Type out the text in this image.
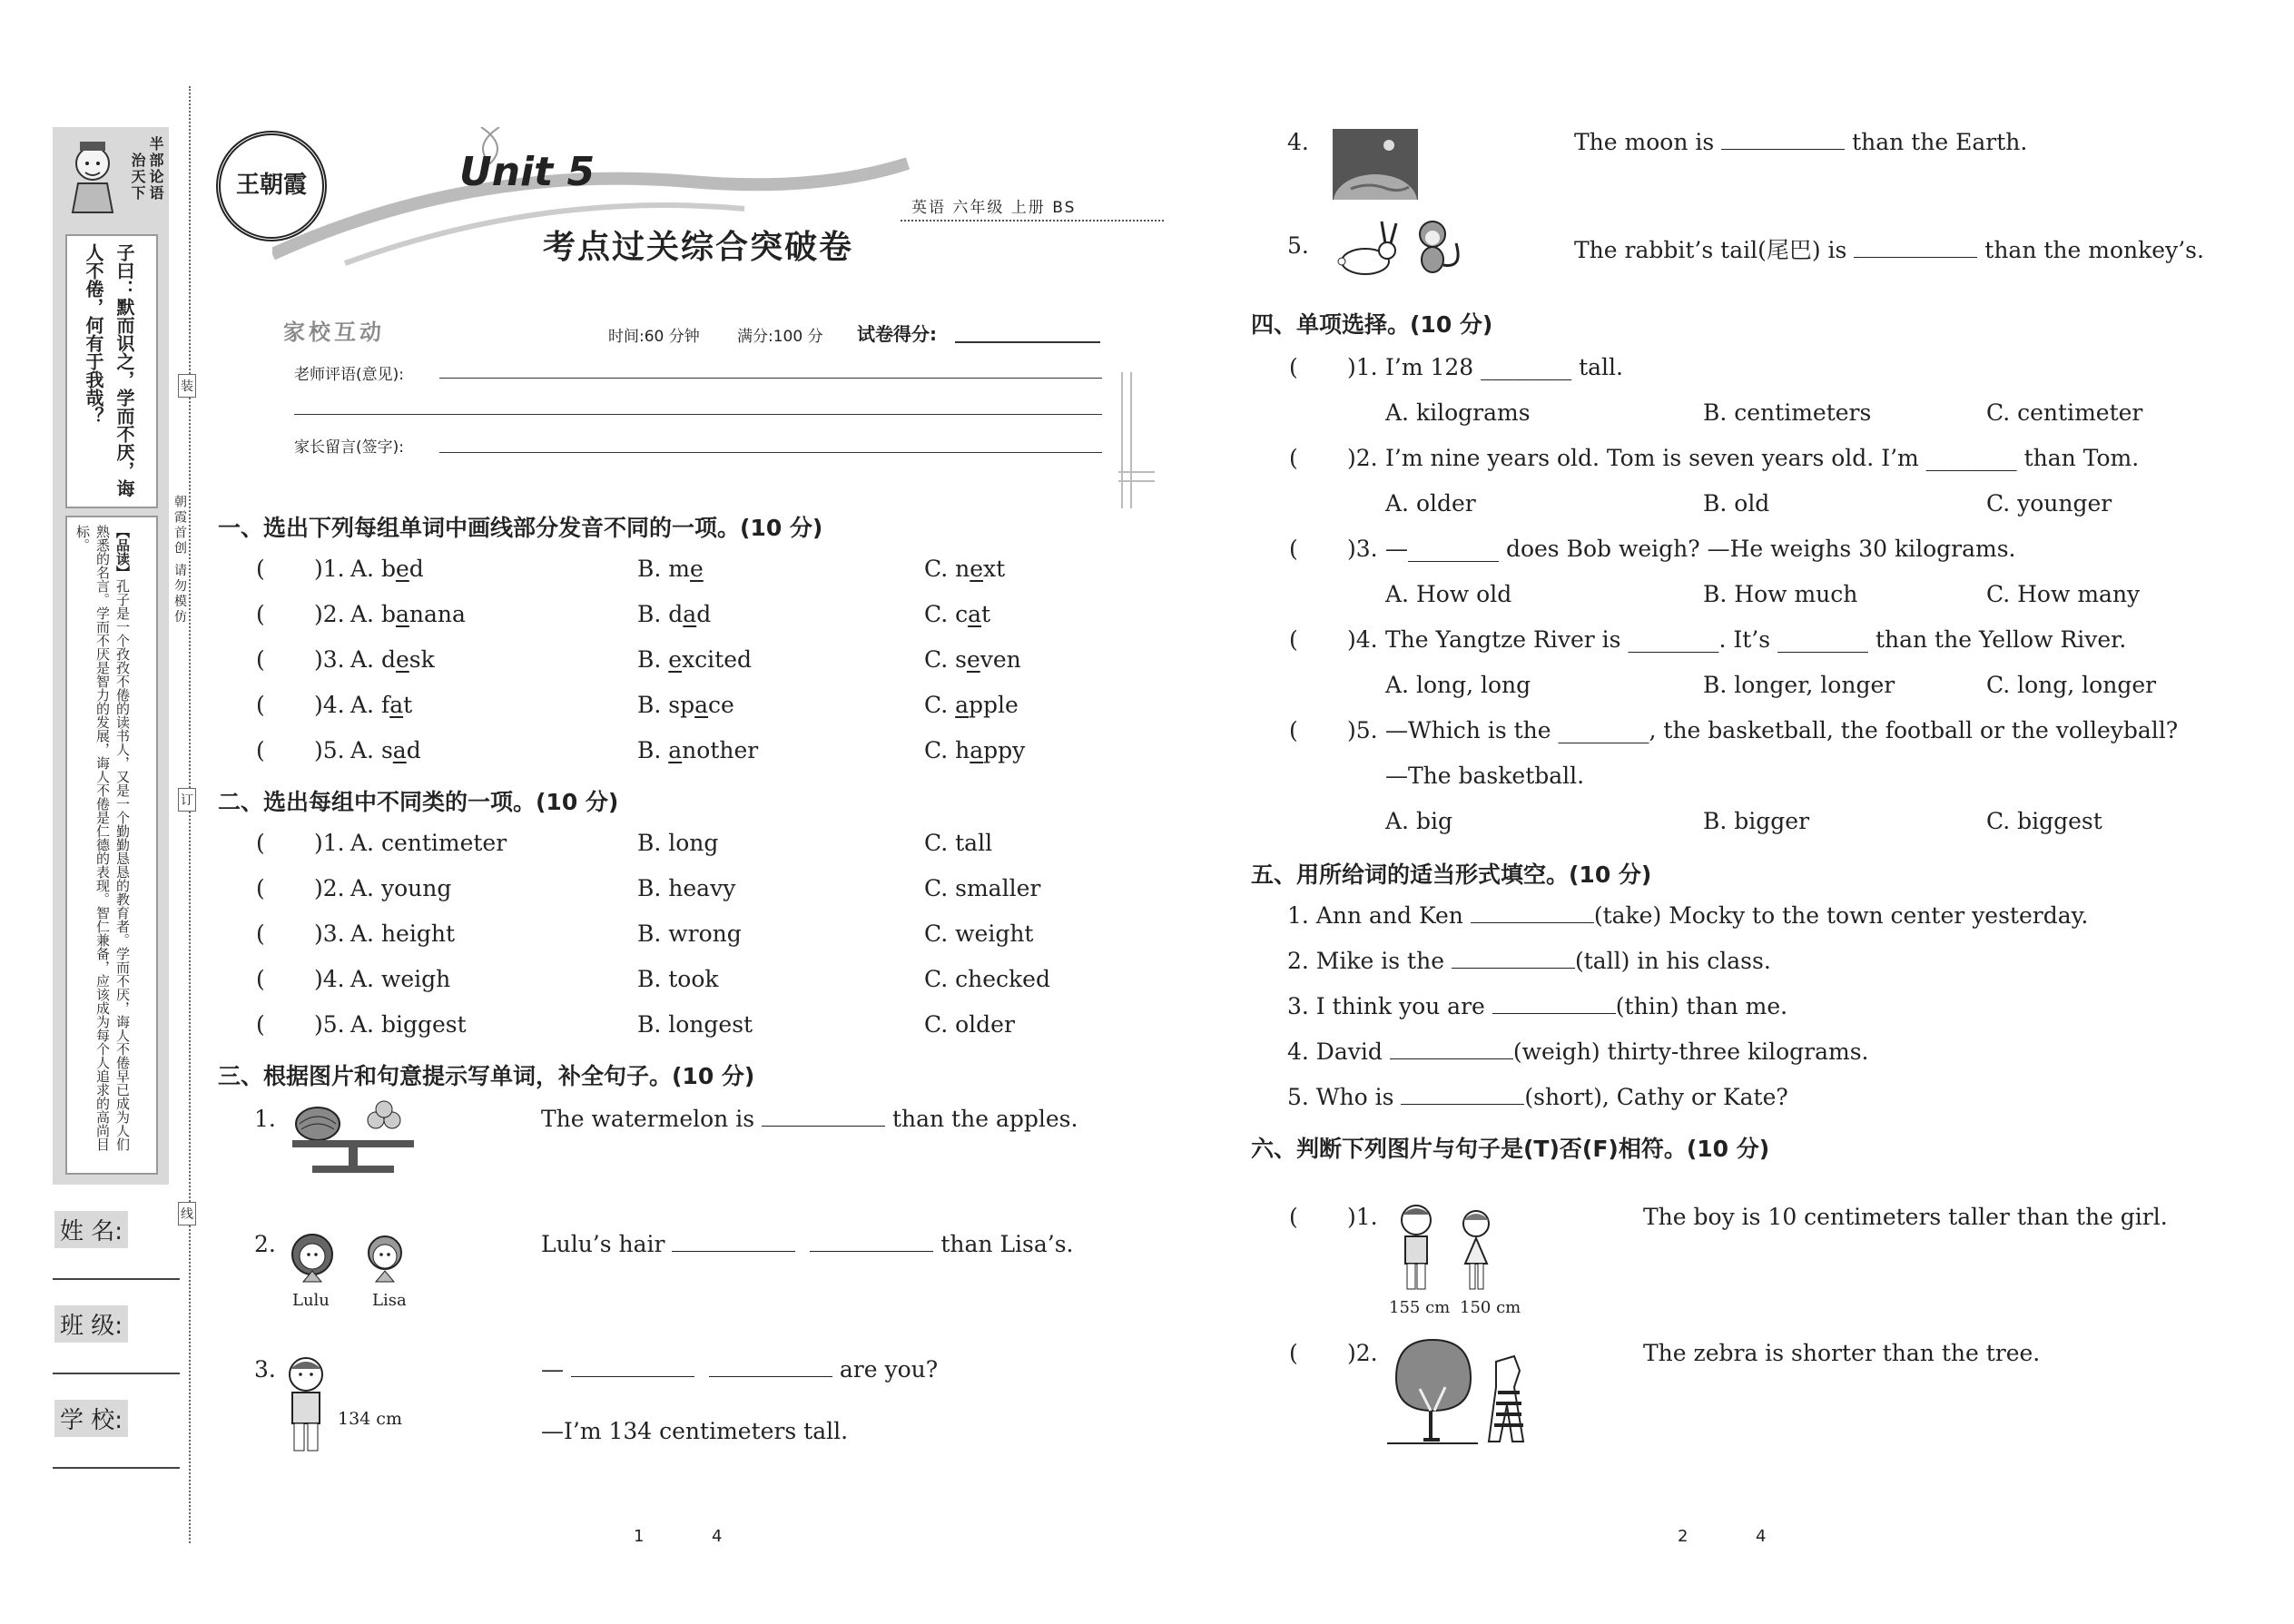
半部论语
治天下
子曰：默而识之，学而不厌，诲人不倦，何有于我哉？
【品读】孔子是一个孜孜不倦的读书人，又是一个勤勤恳恳的教育者。学而不厌，诲人不倦早已成为人们熟悉的名言。学而不厌是智力的发展，诲人不倦是仁德的表现。智仁兼备，应该成为每个人追求的高尚目标。
姓 名:
班 级:
学 校:
装
订
线
朝霞首创 请勿模仿
王朝霞	Unit 5
考点过关综合突破卷
英语 六年级 上册 BS
家校互动	时间:60 分钟 满分:100 分 试卷得分:
老师评语(意见):
家长留言(签字):
一、选出下列每组单词中画线部分发音不同的一项。(10 分)
( )1. A. bed	B. me	C. next
( )2. A. banana	B. dad	C. cat
( )3. A. desk	B. excited	C. seven
( )4. A. fat	B. space	C. apple
( )5. A. sad	B. another	C. happy
二、选出每组中不同类的一项。(10 分)
( )1. A. centimeter	B. long	C. tall
( )2. A. young	B. heavy	C. smaller
( )3. A. height	B. wrong	C. weight
( )4. A. weigh	B. took	C. checked
( )5. A. biggest	B. longest	C. older
三、根据图片和句意提示写单词，补全句子。(10 分)
1.	The watermelon is	than the apples.
2.
Lulu	Lisa
Lulu’s hair	than Lisa’s.
3.
134 cm
—	are you?
—I’m 134 centimeters tall.
1	4
4.	The moon is	than the Earth.
5.	The rabbit’s tail(尾巴) is	than the monkey’s.
四、单项选择。(10 分)
( )1. I’m 128 ________ tall.
A. kilograms	B. centimeters	C. centimeter
( )2. I’m nine years old. Tom is seven years old. I’m ________ than Tom.
A. older	B. old	C. younger
( )3. —________ does Bob weigh? —He weighs 30 kilograms.
A. How old	B. How much	C. How many
( )4. The Yangtze River is ________. It’s ________ than the Yellow River.
A. long, long	B. longer, longer	C. long, longer
( )5. —Which is the ________, the basketball, the football or the volleyball?
—The basketball.
A. big	B. bigger	C. biggest
五、用所给词的适当形式填空。(10 分)
1. Ann and Ken	(take) Mocky to the town center yesterday.
2. Mike is the	(tall) in his class.
3. I think you are	(thin) than me.
4. David	(weigh) thirty-three kilograms.
5. Who is	(short), Cathy or Kate?
六、判断下列图片与句子是(T)否(F)相符。(10 分)
( )1.
155 cm 150 cm
The boy is 10 centimeters taller than the girl.
( )2.	The zebra is shorter than the tree.
2	4
